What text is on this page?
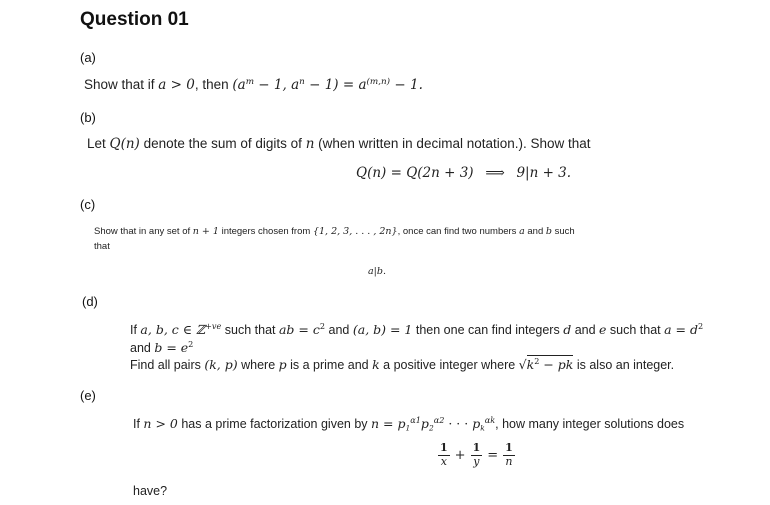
Question 01
(a)
Show that if a > 0, then ($a^m - 1$, $a^n - 1) = a^{(m,n)} - 1$.
(b)
Let Q(n) denote the sum of digits of n (when written in decimal notation.). Show that
Q(n) = Q(2n + 3) ⟹ 9|n + 3.
(c)
Show that in any set of n + 1 integers chosen from {1, 2, 3, . . . , 2n}, once can find two numbers a and b such
that
a|b.
(d)
If a, b, c ∈ ℤ$^{+ve}$ such that ab = $c^2$ and (a, b) = 1 then one can find integers d and e such that $a = d^2$
and $b = e^2$
Find all pairs (k, p) where p is a prime and k a positive integer where $√k^2$ − pk is also an integer.
(e)
If n > 0 has a prime factorization given by $n = p_1^{\alpha 1}p_2^{\alpha 2}$ · · · $p_k^{\alpha k}$, how many integer solutions does
$\frac{1}{x} + \frac{1}{y} = \frac{1}{n}$
have?
